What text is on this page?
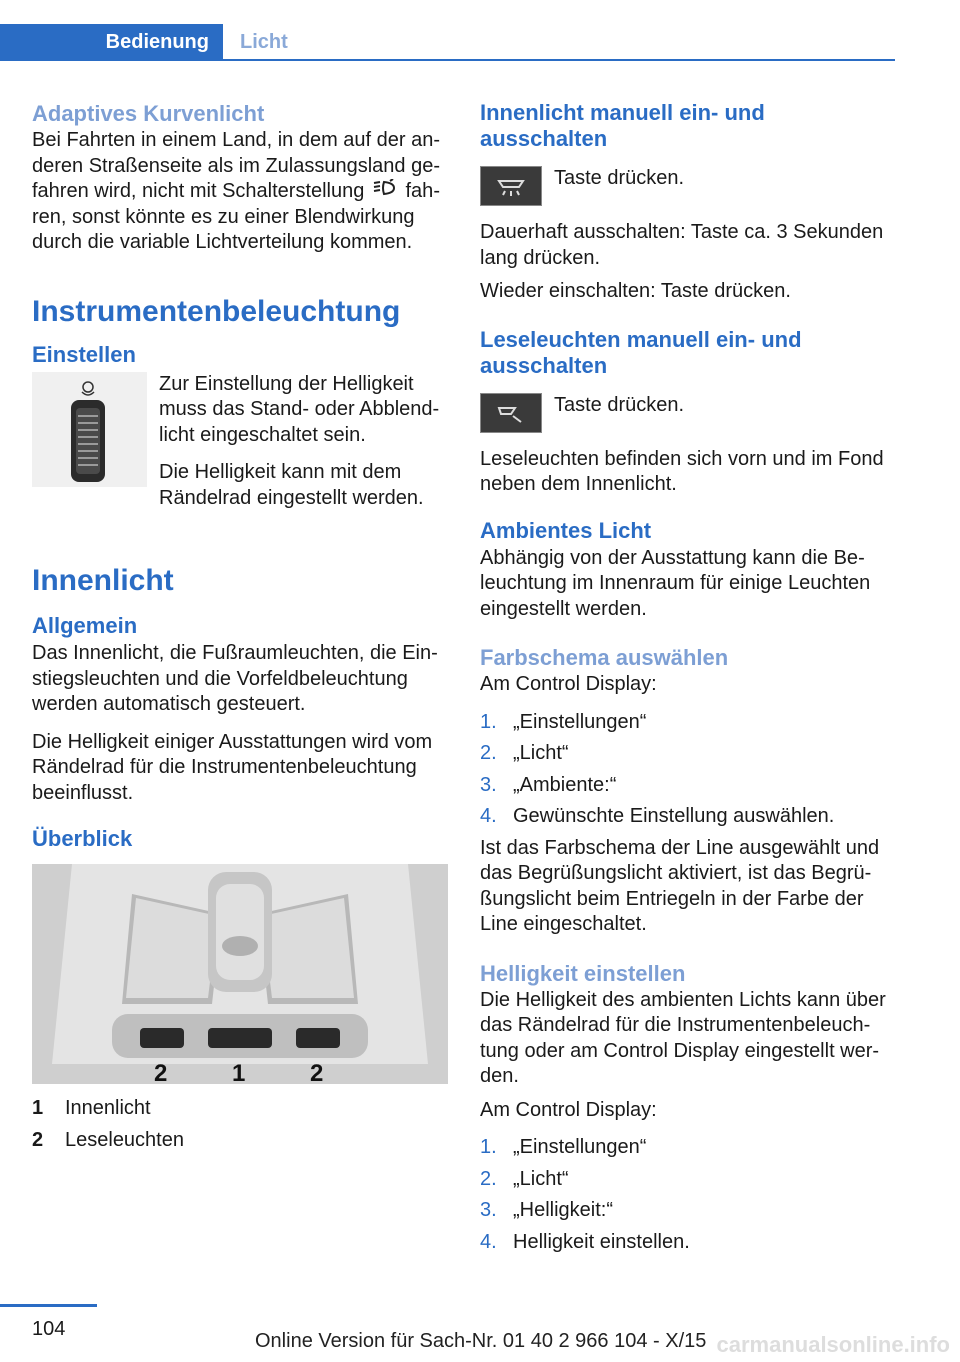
Bedienung	Licht
Adaptives Kurvenlicht

Bei Fahrten in einem Land, in dem auf der anderen Straßenseite als im Zulassungsland gefahren wird, nicht mit Schalterstellung fahren, sonst könnte es zu einer Blendwirkung durch die variable Lichtverteilung kommen.

Instrumentenbeleuchtung
Einstellen

Zur Einstellung der Helligkeit muss das Stand- oder Abblendlicht eingeschaltet sein.

Die Helligkeit kann mit dem Rändelrad eingestellt werden.

Innenlicht
Allgemein

Das Innenlicht, die Fußraumleuchten, die Einstiegsleuchten und die Vorfeldbeleuchtung werden automatisch gesteuert.

Die Helligkeit einiger Ausstattungen wird vom Rändelrad für die Instrumentenbeleuchtung beeinflusst.

Überblick
2	1	2
1	Innenlicht
2	Leseleuchten
Innenlicht manuell ein- und ausschalten

Taste drücken.

Dauerhaft ausschalten: Taste ca. 3 Sekunden lang drücken.

Wieder einschalten: Taste drücken.

Leseleuchten manuell ein- und ausschalten

Taste drücken.

Leseleuchten befinden sich vorn und im Fond neben dem Innenlicht.

Ambientes Licht

Abhängig von der Ausstattung kann die Beleuchtung im Innenraum für einige Leuchten eingestellt werden.

Farbschema auswählen

Am Control Display:

1. „Einstellungen“
2. „Licht“
3. „Ambiente:“
4. Gewünschte Einstellung auswählen.

Ist das Farbschema der Line ausgewählt und das Begrüßungslicht aktiviert, ist das Begrüßungslicht beim Entriegeln in der Farbe der Line eingeschaltet.

Helligkeit einstellen

Die Helligkeit des ambienten Lichts kann über das Rändelrad für die Instrumentenbeleuchtung oder am Control Display eingestellt werden.

Am Control Display:

1. „Einstellungen“
2. „Licht“
3. „Helligkeit:“
4. Helligkeit einstellen.
104
Online Version für Sach-Nr. 01 40 2 966 104 - X/15 carmanualsonline.info
